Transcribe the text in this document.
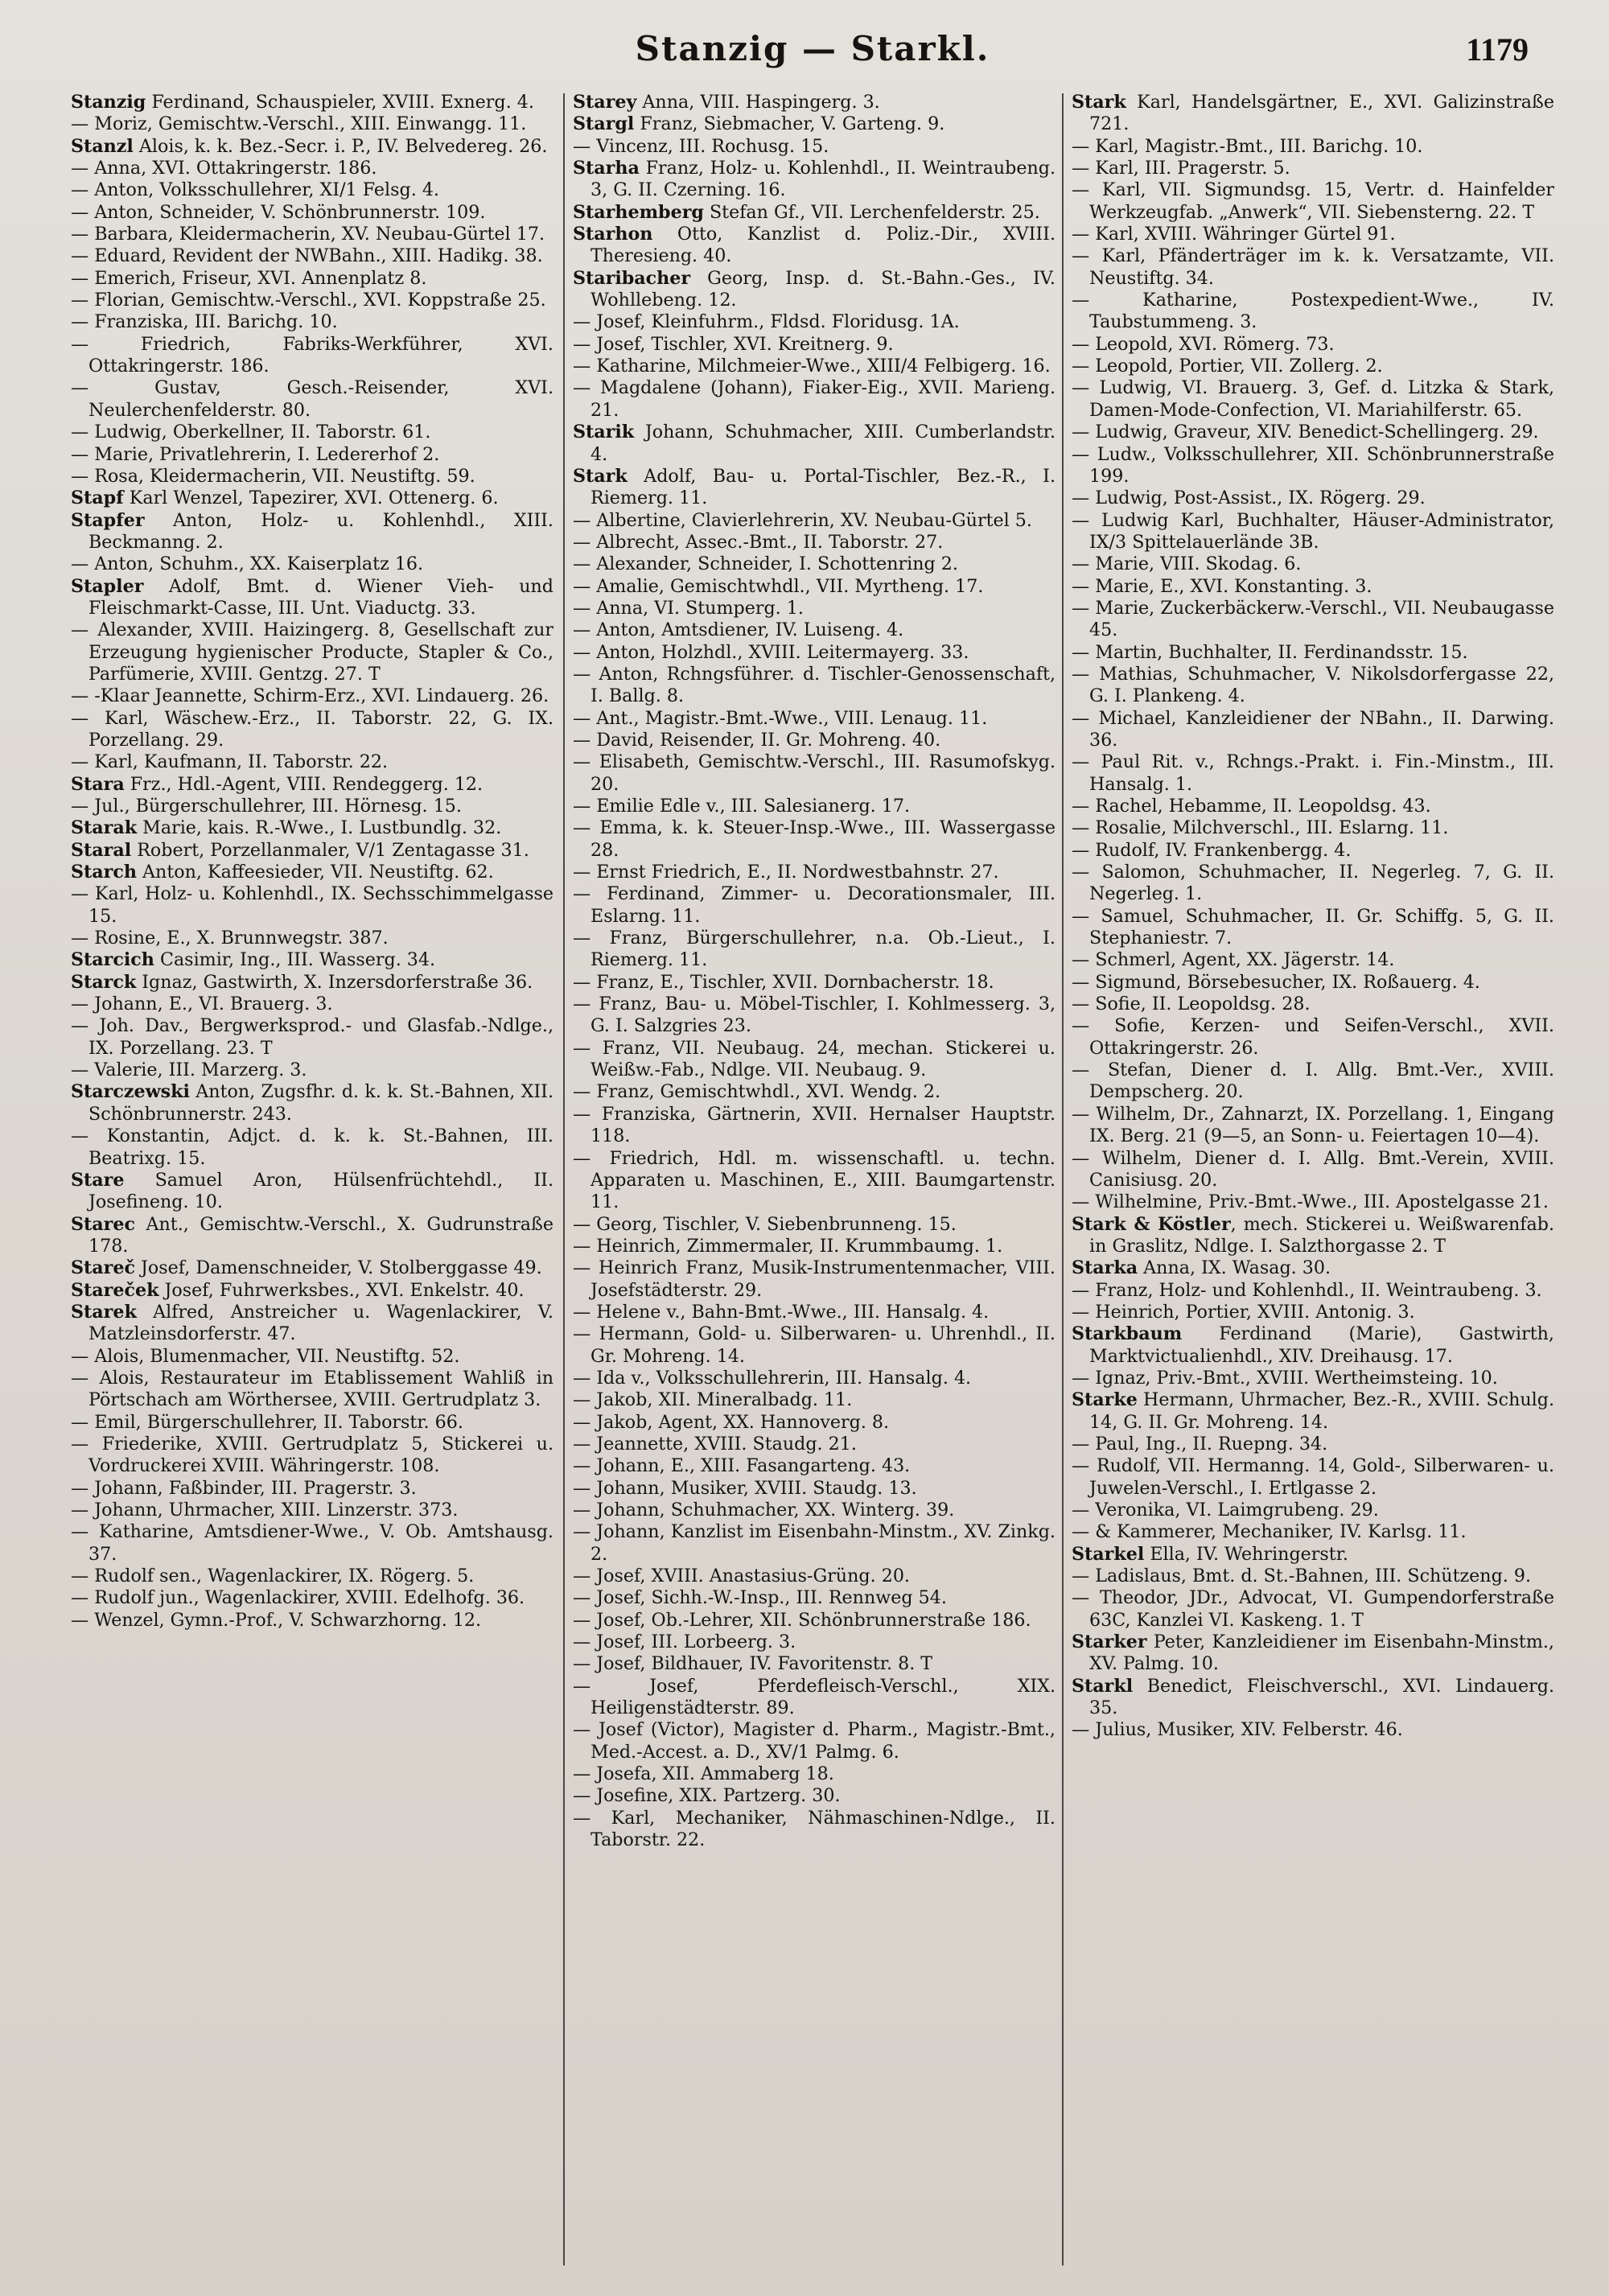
Stanzig — Starkl.	1179
Stanzig Ferdinand, Schauspieler, XVIII. Exnerg. 4.
— Moriz, Gemischtw.-Verschl., XIII. Einwangg. 11.
Stanzl Alois, k. k. Bez.-Secr. i. P., IV. Belvedereg. 26.
— Anna, XVI. Ottakringerstr. 186.
— Anton, Volksschullehrer, XI/1 Felsg. 4.
— Anton, Schneider, V. Schönbrunnerstr. 109.
— Barbara, Kleidermacherin, XV. Neubau-Gürtel 17.
— Eduard, Revident der NWBahn., XIII. Hadikg. 38.
— Emerich, Friseur, XVI. Annenplatz 8.
— Florian, Gemischtw.-Verschl., XVI. Koppstraße 25.
— Franziska, III. Barichg. 10.
— Friedrich, Fabriks-Werkführer, XVI. Ottakringerstr. 186.
— Gustav, Gesch.-Reisender, XVI. Neulerchenfelderstr. 80.
— Ludwig, Oberkellner, II. Taborstr. 61.
— Marie, Privatlehrerin, I. Ledererhof 2.
— Rosa, Kleidermacherin, VII. Neustiftg. 59.
Stapf Karl Wenzel, Tapezirer, XVI. Ottenerg. 6.
Stapfer Anton, Holz- u. Kohlenhdl., XIII. Beckmanng. 2.
— Anton, Schuhm., XX. Kaiserplatz 16.
Stapler Adolf, Bmt. d. Wiener Vieh- und Fleischmarkt-Casse, III. Unt. Viaductg. 33.
— Alexander, XVIII. Haizingerg. 8, Gesellschaft zur Erzeugung hygienischer Producte, Stapler & Co., Parfümerie, XVIII. Gentzg. 27. T
— -Klaar Jeannette, Schirm-Erz., XVI. Lindauerg. 26.
— Karl, Wäschew.-Erz., II. Taborstr. 22, G. IX. Porzellang. 29.
— Karl, Kaufmann, II. Taborstr. 22.
Stara Frz., Hdl.-Agent, VIII. Rendeggerg. 12.
— Jul., Bürgerschullehrer, III. Hörnesg. 15.
Starak Marie, kais. R.-Wwe., I. Lustbundlg. 32.
Staral Robert, Porzellanmaler, V/1 Zentagasse 31.
Starch Anton, Kaffeesieder, VII. Neustiftg. 62.
— Karl, Holz- u. Kohlenhdl., IX. Sechsschimmelgasse 15.
— Rosine, E., X. Brunnwegstr. 387.
Starcich Casimir, Ing., III. Wasserg. 34.
Starck Ignaz, Gastwirth, X. Inzersdorferstraße 36.
— Johann, E., VI. Brauerg. 3.
— Joh. Dav., Bergwerksprod.- und Glasfab.-Ndlge., IX. Porzellang. 23. T
— Valerie, III. Marzerg. 3.
Starczewski Anton, Zugsfhr. d. k. k. St.-Bahnen, XII. Schönbrunnerstr. 243.
— Konstantin, Adjct. d. k. k. St.-Bahnen, III. Beatrixg. 15.
Stare Samuel Aron, Hülsenfrüchtehdl., II. Josefineng. 10.
Starec Ant., Gemischtw.-Verschl., X. Gudrunstraße 178.
Stareč Josef, Damenschneider, V. Stolberggasse 49.
Stareček Josef, Fuhrwerksbes., XVI. Enkelstr. 40.
Starek Alfred, Anstreicher u. Wagenlackirer, V. Matzleinsdorferstr. 47.
— Alois, Blumenmacher, VII. Neustiftg. 52.
— Alois, Restaurateur im Etablissement Wahliß in Pörtschach am Wörthersee, XVIII. Gertrudplatz 3.
— Emil, Bürgerschullehrer, II. Taborstr. 66.
— Friederike, XVIII. Gertrudplatz 5, Stickerei u. Vordruckerei XVIII. Währingerstr. 108.
— Johann, Faßbinder, III. Pragerstr. 3.
— Johann, Uhrmacher, XIII. Linzerstr. 373.
— Katharine, Amtsdiener-Wwe., V. Ob. Amtshausg. 37.
— Rudolf sen., Wagenlackirer, IX. Rögerg. 5.
— Rudolf jun., Wagenlackirer, XVIII. Edelhofg. 36.
— Wenzel, Gymn.-Prof., V. Schwarzhorng. 12.
Starey Anna, VIII. Haspingerg. 3.
Stargl Franz, Siebmacher, V. Garteng. 9.
— Vincenz, III. Rochusg. 15.
Starha Franz, Holz- u. Kohlenhdl., II. Weintraubeng. 3, G. II. Czerning. 16.
Starhemberg Stefan Gf., VII. Lerchenfelderstr. 25.
Starhon Otto, Kanzlist d. Poliz.-Dir., XVIII. Theresieng. 40.
Staribacher Georg, Insp. d. St.-Bahn.-Ges., IV. Wohllebeng. 12.
— Josef, Kleinfuhrm., Fldsd. Floridusg. 1A.
— Josef, Tischler, XVI. Kreitnerg. 9.
— Katharine, Milchmeier-Wwe., XIII/4 Felbigerg. 16.
— Magdalene (Johann), Fiaker-Eig., XVII. Marieng. 21.
Starik Johann, Schuhmacher, XIII. Cumberlandstr. 4.
Stark Adolf, Bau- u. Portal-Tischler, Bez.-R., I. Riemerg. 11.
— Albertine, Clavierlehrerin, XV. Neubau-Gürtel 5.
— Albrecht, Assec.-Bmt., II. Taborstr. 27.
— Alexander, Schneider, I. Schottenring 2.
— Amalie, Gemischtwhdl., VII. Myrtheng. 17.
— Anna, VI. Stumperg. 1.
— Anton, Amtsdiener, IV. Luiseng. 4.
— Anton, Holzhdl., XVIII. Leitermayerg. 33.
— Anton, Rchngsführer. d. Tischler-Genossenschaft, I. Ballg. 8.
— Ant., Magistr.-Bmt.-Wwe., VIII. Lenaug. 11.
— David, Reisender, II. Gr. Mohreng. 40.
— Elisabeth, Gemischtw.-Verschl., III. Rasumofskyg. 20.
— Emilie Edle v., III. Salesianerg. 17.
— Emma, k. k. Steuer-Insp.-Wwe., III. Wassergasse 28.
— Ernst Friedrich, E., II. Nordwestbahnstr. 27.
— Ferdinand, Zimmer- u. Decorationsmaler, III. Eslarng. 11.
— Franz, Bürgerschullehrer, n.a. Ob.-Lieut., I. Riemerg. 11.
— Franz, E., Tischler, XVII. Dornbacherstr. 18.
— Franz, Bau- u. Möbel-Tischler, I. Kohlmesserg. 3, G. I. Salzgries 23.
— Franz, VII. Neubaug. 24, mechan. Stickerei u. Weißw.-Fab., Ndlge. VII. Neubaug. 9.
— Franz, Gemischtwhdl., XVI. Wendg. 2.
— Franziska, Gärtnerin, XVII. Hernalser Hauptstr. 118.
— Friedrich, Hdl. m. wissenschaftl. u. techn. Apparaten u. Maschinen, E., XIII. Baumgartenstr. 11.
— Georg, Tischler, V. Siebenbrunneng. 15.
— Heinrich, Zimmermaler, II. Krummbaumg. 1.
— Heinrich Franz, Musik-Instrumentenmacher, VIII. Josefstädterstr. 29.
— Helene v., Bahn-Bmt.-Wwe., III. Hansalg. 4.
— Hermann, Gold- u. Silberwaren- u. Uhrenhdl., II. Gr. Mohreng. 14.
— Ida v., Volksschullehrerin, III. Hansalg. 4.
— Jakob, XII. Mineralbadg. 11.
— Jakob, Agent, XX. Hannoverg. 8.
— Jeannette, XVIII. Staudg. 21.
— Johann, E., XIII. Fasangarteng. 43.
— Johann, Musiker, XVIII. Staudg. 13.
— Johann, Schuhmacher, XX. Winterg. 39.
— Johann, Kanzlist im Eisenbahn-Minstm., XV. Zinkg. 2.
— Josef, XVIII. Anastasius-Grüng. 20.
— Josef, Sichh.-W.-Insp., III. Rennweg 54.
— Josef, Ob.-Lehrer, XII. Schönbrunnerstraße 186.
— Josef, III. Lorbeerg. 3.
— Josef, Bildhauer, IV. Favoritenstr. 8. T
— Josef, Pferdefleisch-Verschl., XIX. Heiligenstädterstr. 89.
— Josef (Victor), Magister d. Pharm., Magistr.-Bmt., Med.-Accest. a. D., XV/1 Palmg. 6.
— Josefa, XII. Ammaberg 18.
— Josefine, XIX. Partzerg. 30.
— Karl, Mechaniker, Nähmaschinen-Ndlge., II. Taborstr. 22.
Stark Karl, Handelsgärtner, E., XVI. Galizinstraße 721.
— Karl, Magistr.-Bmt., III. Barichg. 10.
— Karl, III. Pragerstr. 5.
— Karl, VII. Sigmundsg. 15, Vertr. d. Hainfelder Werkzeugfab. „Anwerk“, VII. Siebensterng. 22. T
— Karl, XVIII. Währinger Gürtel 91.
— Karl, Pfänderträger im k. k. Versatzamte, VII. Neustiftg. 34.
— Katharine, Postexpedient-Wwe., IV. Taubstummeng. 3.
— Leopold, XVI. Römerg. 73.
— Leopold, Portier, VII. Zollerg. 2.
— Ludwig, VI. Brauerg. 3, Gef. d. Litzka & Stark, Damen-Mode-Confection, VI. Mariahilferstr. 65.
— Ludwig, Graveur, XIV. Benedict-Schellingerg. 29.
— Ludw., Volksschullehrer, XII. Schönbrunnerstraße 199.
— Ludwig, Post-Assist., IX. Rögerg. 29.
— Ludwig Karl, Buchhalter, Häuser-Administrator, IX/3 Spittelauerlände 3B.
— Marie, VIII. Skodag. 6.
— Marie, E., XVI. Konstanting. 3.
— Marie, Zuckerbäckerw.-Verschl., VII. Neubaugasse 45.
— Martin, Buchhalter, II. Ferdinandsstr. 15.
— Mathias, Schuhmacher, V. Nikolsdorfergasse 22, G. I. Plankeng. 4.
— Michael, Kanzleidiener der NBahn., II. Darwing. 36.
— Paul Rit. v., Rchngs.-Prakt. i. Fin.-Minstm., III. Hansalg. 1.
— Rachel, Hebamme, II. Leopoldsg. 43.
— Rosalie, Milchverschl., III. Eslarng. 11.
— Rudolf, IV. Frankenbergg. 4.
— Salomon, Schuhmacher, II. Negerleg. 7, G. II. Negerleg. 1.
— Samuel, Schuhmacher, II. Gr. Schiffg. 5, G. II. Stephaniestr. 7.
— Schmerl, Agent, XX. Jägerstr. 14.
— Sigmund, Börsebesucher, IX. Roßauerg. 4.
— Sofie, II. Leopoldsg. 28.
— Sofie, Kerzen- und Seifen-Verschl., XVII. Ottakringerstr. 26.
— Stefan, Diener d. I. Allg. Bmt.-Ver., XVIII. Dempscherg. 20.
— Wilhelm, Dr., Zahnarzt, IX. Porzellang. 1, Eingang IX. Berg. 21 (9—5, an Sonn- u. Feiertagen 10—4).
— Wilhelm, Diener d. I. Allg. Bmt.-Verein, XVIII. Canisiusg. 20.
— Wilhelmine, Priv.-Bmt.-Wwe., III. Apostelgasse 21.
Stark & Köstler, mech. Stickerei u. Weißwarenfab. in Graslitz, Ndlge. I. Salzthorgasse 2. T
Starka Anna, IX. Wasag. 30.
— Franz, Holz- und Kohlenhdl., II. Weintraubeng. 3.
— Heinrich, Portier, XVIII. Antonig. 3.
Starkbaum Ferdinand (Marie), Gastwirth, Marktvictualienhdl., XIV. Dreihausg. 17.
— Ignaz, Priv.-Bmt., XVIII. Wertheimsteing. 10.
Starke Hermann, Uhrmacher, Bez.-R., XVIII. Schulg. 14, G. II. Gr. Mohreng. 14.
— Paul, Ing., II. Ruepng. 34.
— Rudolf, VII. Hermanng. 14, Gold-, Silberwaren- u. Juwelen-Verschl., I. Ertlgasse 2.
— Veronika, VI. Laimgrubeng. 29.
— & Kammerer, Mechaniker, IV. Karlsg. 11.
Starkel Ella, IV. Wehringerstr.
— Ladislaus, Bmt. d. St.-Bahnen, III. Schützeng. 9.
— Theodor, JDr., Advocat, VI. Gumpendorferstraße 63C, Kanzlei VI. Kaskeng. 1. T
Starker Peter, Kanzleidiener im Eisenbahn-Minstm., XV. Palmg. 10.
Starkl Benedict, Fleischverschl., XVI. Lindauerg. 35.
— Julius, Musiker, XIV. Felberstr. 46.
